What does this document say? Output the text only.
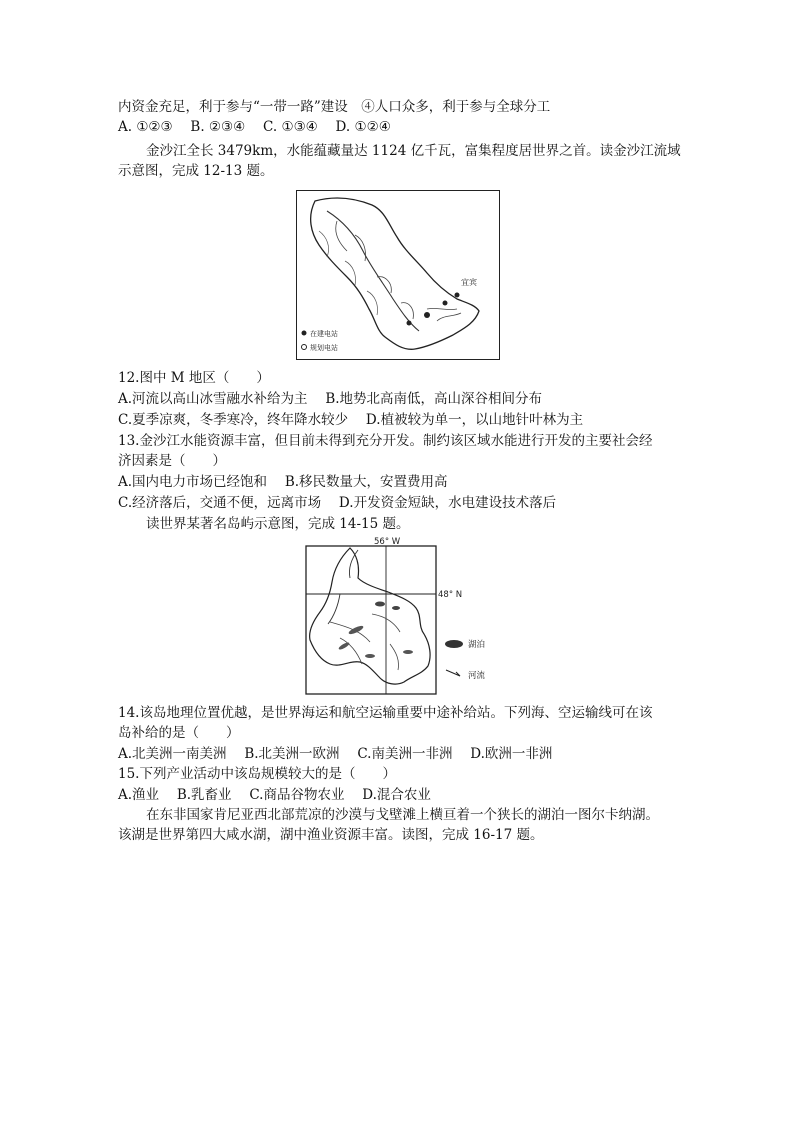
内资金充足，利于参与“一带一路”建设　④人口众多，利于参与全球分工
A. ①②③　 B. ②③④　 C. ①③④　 D. ①②④
金沙江全长 3479km，水能蕴藏量达 1124 亿千瓦，富集程度居世界之首。读金沙江流域
示意图，完成 12-13 题。
宜宾
在建电站
规划电站
12.图中 M 地区（　　）
A.河流以高山冰雪融水补给为主　 B.地势北高南低，高山深谷相间分布
C.夏季凉爽，冬季寒冷，终年降水较少　 D.植被较为单一，以山地针叶林为主
13.金沙江水能资源丰富，但目前未得到充分开发。制约该区域水能进行开发的主要社会经
济因素是（　　）
A.国内电力市场已经饱和　 B.移民数量大，安置费用高
C.经济落后，交通不便，远离市场　 D.开发资金短缺，水电建设技术落后
读世界某著名岛屿示意图，完成 14-15 题。
56° W
48° N
湖泊
河流
14.该岛地理位置优越，是世界海运和航空运输重要中途补给站。下列海、空运输线可在该
岛补给的是（　　）
A.北美洲一南美洲　 B.北美洲一欧洲　 C.南美洲一非洲　 D.欧洲一非洲
15.下列产业活动中该岛规模较大的是（　　）
A.渔业　 B.乳畜业　 C.商品谷物农业　 D.混合农业
在东非国家肯尼亚西北部荒凉的沙漠与戈壁滩上横亘着一个狭长的湖泊一图尔卡纳湖。
该湖是世界第四大咸水湖，湖中渔业资源丰富。读图，完成 16-17 题。
